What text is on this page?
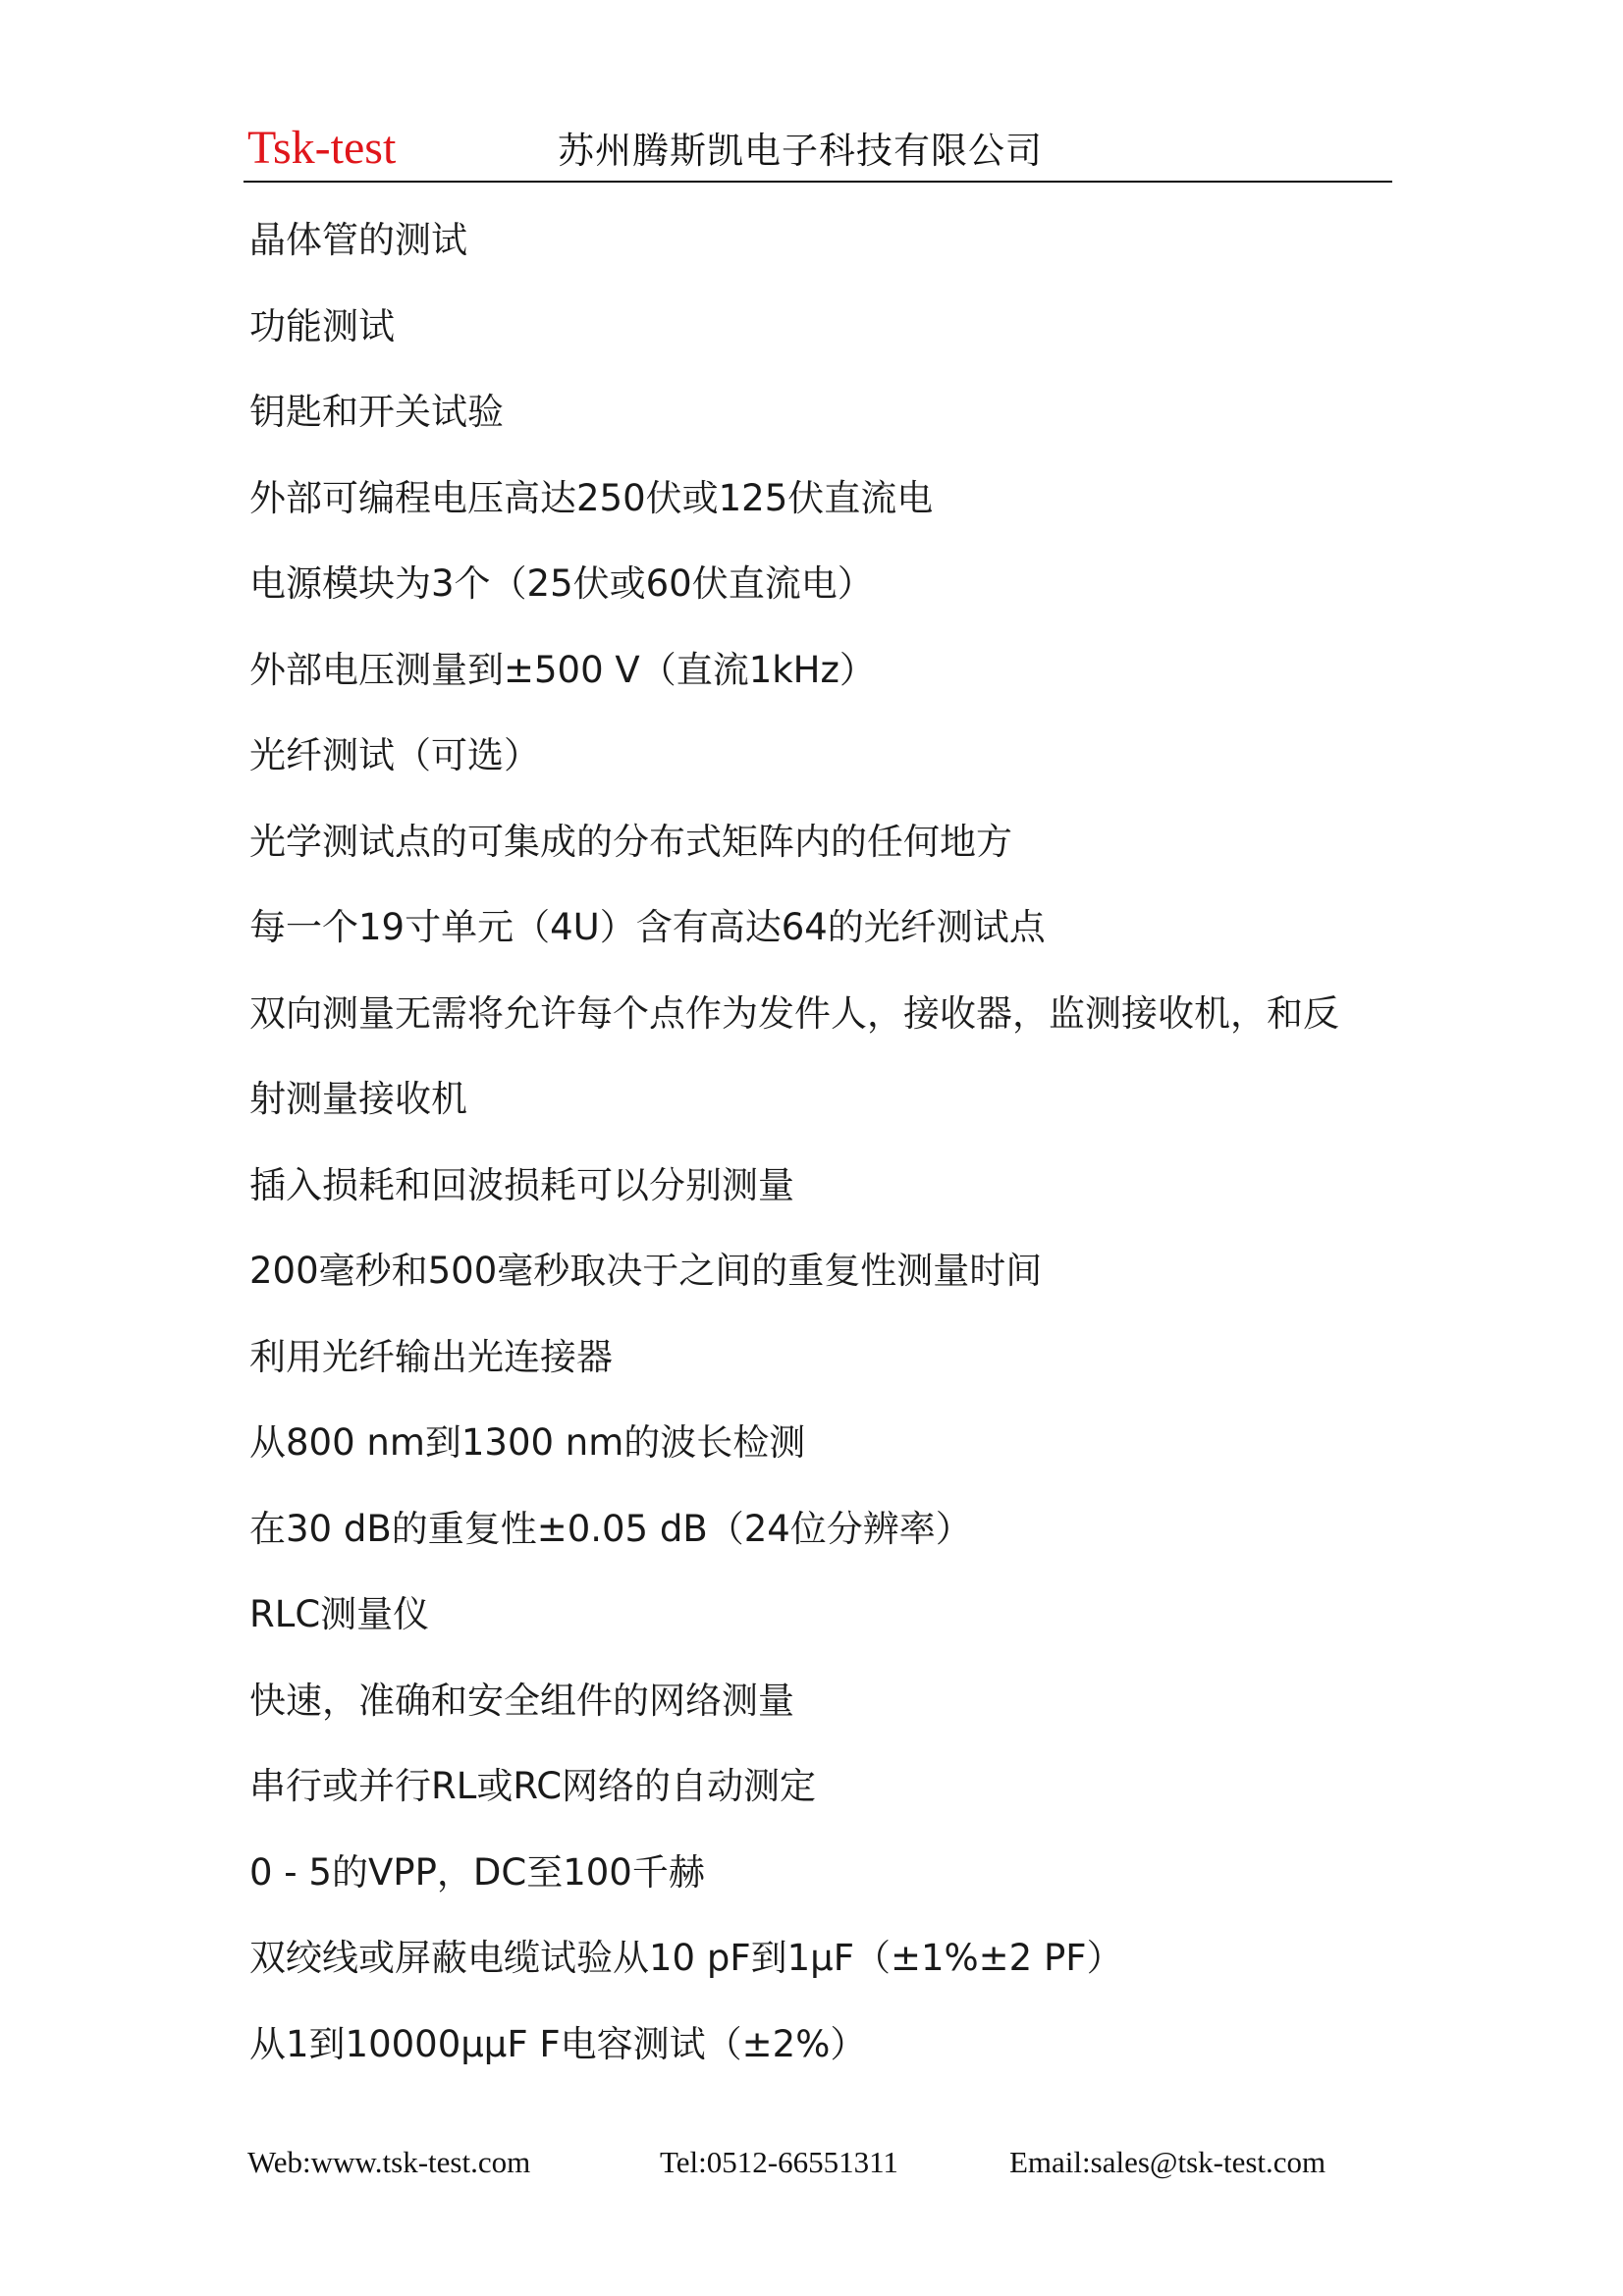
Tsk-test	苏州腾斯凯电子科技有限公司
晶体管的测试
功能测试
钥匙和开关试验
外部可编程电压高达250伏或125伏直流电
电源模块为3个（25伏或60伏直流电）
外部电压测量到±500 V（直流1kHz）
光纤测试（可选）
光学测试点的可集成的分布式矩阵内的任何地方
每一个19寸单元（4U）含有高达64的光纤测试点
双向测量无需将允许每个点作为发件人，接收器，监测接收机，和反
射测量接收机
插入损耗和回波损耗可以分别测量
200毫秒和500毫秒取决于之间的重复性测量时间
利用光纤输出光连接器
从800 nm到1300 nm的波长检测
在30 dB的重复性±0.05 dB（24位分辨率）
RLC测量仪
快速，准确和安全组件的网络测量
串行或并行RL或RC网络的自动测定
0 - 5的VPP，DC至100千赫
双绞线或屏蔽电缆试验从10 pF到1μF（±1%±2 PF）
从1到10000μμF F电容测试（±2%）
Web:www.tsk-test.com	Tel:0512-66551311	Email:sales@tsk-test.com
